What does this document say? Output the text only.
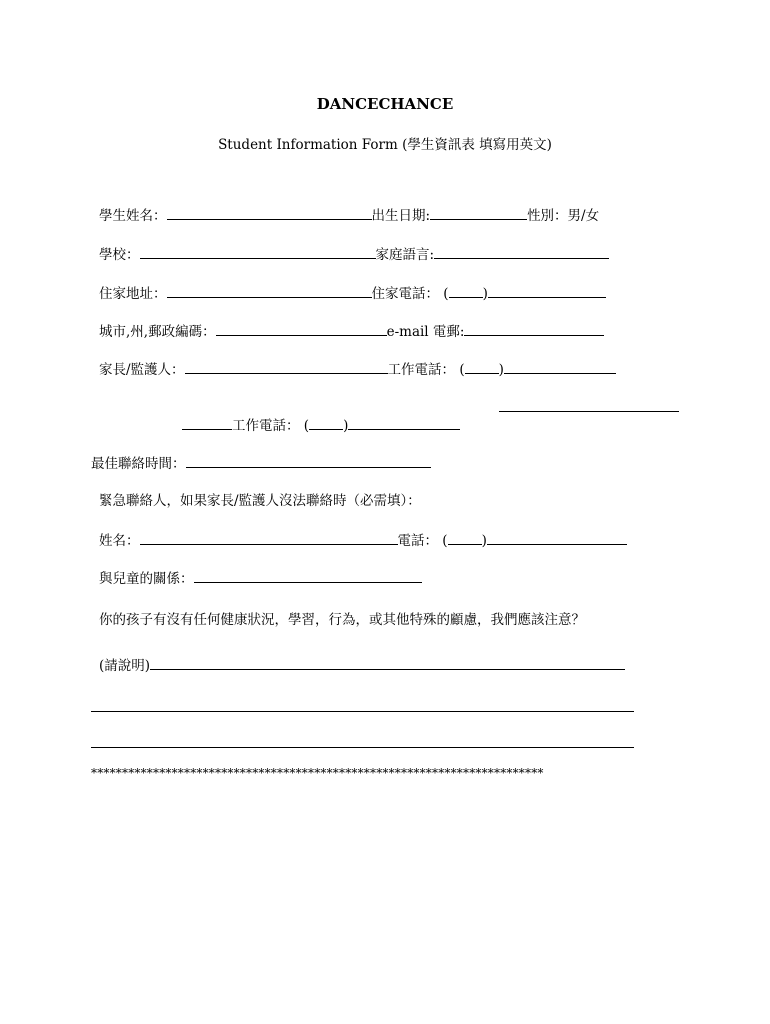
DANCECHANCE
Student Information Form (學生資訊表 填寫用英文)
學生姓名：	出生日期:	性別：男/女
學校：	家庭語言:
住家地址：	住家電話： (	)
城市,州,郵政編碼：	e-mail 電郵:
家長/監護人：	工作電話： (	)
工作電話： (	)
最佳聯絡時間：
緊急聯絡人，如果家長/監護人沒法聯絡時（必需填）：
姓名：	電話： (	)
與兒童的關係：
你的孩子有沒有任何健康狀況，學習，行為，或其他特殊的顧慮，我們應該注意？
(請說明)
*************************************************************************
